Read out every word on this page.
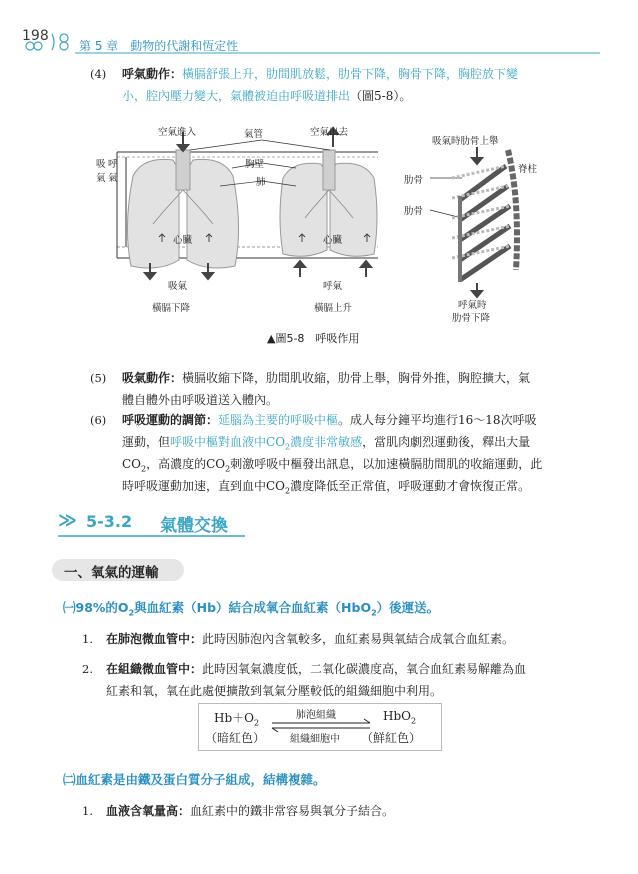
198
第 5 章　動物的代謝和恆定性
(4) 呼氣動作：橫膈舒張上升，肋間肌放鬆，肋骨下降，胸骨下降，胸腔放下變
小，腔內壓力變大，氣體被迫由呼吸道排出（圖5-8）。
空氣進入	氣管	空氣出去
吸氣時肋骨上舉
脊柱
吸氣
呼氣
胸壁
肺	肋骨
肋骨
心臟	心臟
吸氣	呼氣
橫膈下降	橫膈上升	呼氣時
肋骨下降
▲圖5-8　呼吸作用
(5) 吸氣動作：橫膈收縮下降，肋間肌收縮，肋骨上舉，胸骨外推，胸腔擴大，氣
體自體外由呼吸道送入體內。
(6) 呼吸運動的調節：延腦為主要的呼吸中樞。成人每分鐘平均進行16～18次呼吸
運動，但呼吸中樞對血液中$CO_2$濃度非常敏感，當肌肉劇烈運動後，釋出大量
$CO_2$，高濃度的$CO_2$刺激呼吸中樞發出訊息，以加速橫膈肋間肌的收縮運動，此
時呼吸運動加速，直到血中$CO_2$濃度降低至正常值，呼吸運動才會恢復正常。
≫ 5-3.2 氣體交換
一、氧氣的運輸
㈠98%的$O_2$與血紅素（Hb）結合成氧合血紅素（HbO$_2$）後運送。
1. 在肺泡微血管中：此時因肺泡內含氧較多，血紅素易與氧結合成氧合血紅素。
2. 在組織微血管中：此時因氧氣濃度低，二氧化碳濃度高，氧合血紅素易解離為血
紅素和氧，氧在此處便擴散到氧氣分壓較低的組織細胞中利用。
$Hb+O_2$
肺泡組織	HbO$_2$
（暗紅色） 組織細胞中 （鮮紅色）
㈡血紅素是由鐵及蛋白質分子組成，結構複雜。
1. 血液含氧量高：血紅素中的鐵非常容易與氧分子結合。
